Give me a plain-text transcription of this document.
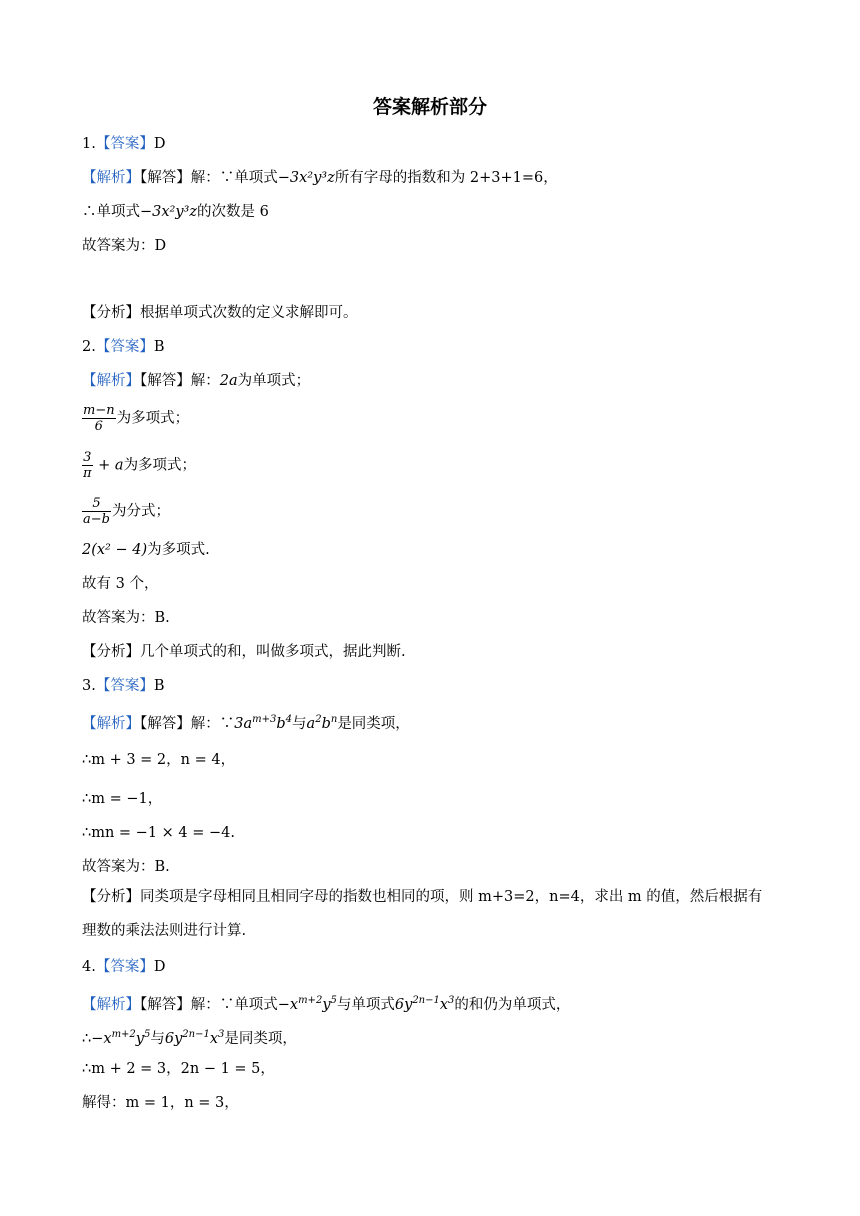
答案解析部分
1.【答案】D
【解析】【解答】解：∵单项式−3x²y³z所有字母的指数和为 2+3+1=6，
∴单项式−3x²y³z的次数是 6
故答案为：D
【分析】根据单项式次数的定义求解即可。
2.【答案】B
【解析】【解答】解：2a为单项式；
$\frac{m-n}{6}$ 为多项式；
$\frac{3}{\pi} + a$为多项式；
$\frac{5}{a-b}$ 为分式；
2(x² − 4)为多项式.
故有 3 个，
故答案为：B.
【分析】几个单项式的和，叫做多项式，据此判断.
3.【答案】B
【解析】【解答】解：$\because 3a^{m+3}b^4$与$a^2b^n$是同类项，
∴m + 3 = 2，n = 4，
∴m = −1，
∴mn = −1 × 4 = −4.
故答案为：B.
【分析】同类项是字母相同且相同字母的指数也相同的项，则 m+3=2，n=4，求出 m 的值，然后根据有理数的乘法法则进行计算.
4.【答案】D
【解析】【解答】解：∵单项式$-x^{m+2}y^5$与单项式$6y^{2n-1}x^3$的和仍为单项式，
$\therefore-x^{m+2}y^5$与$6y^{2n-1}x^3$是同类项，
∴m + 2 = 3，2n − 1 = 5，
解得：m = 1，n = 3，
